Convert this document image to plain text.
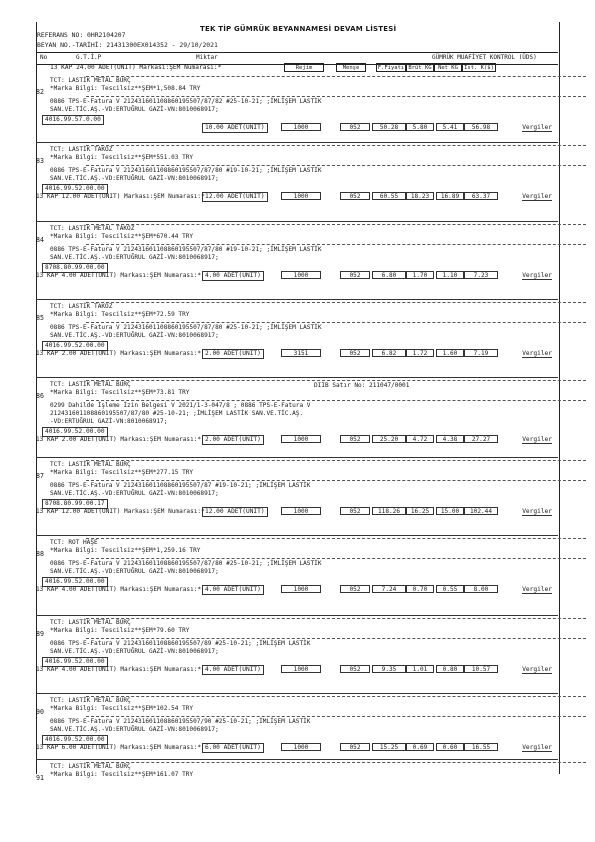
TEK TİP GÜMRÜK BEYANNAMESİ DEVAM LİSTESİ
REFERANS NO: 0HR2104207
BEYAN NO.-TARİHİ: 21431300EX014352 - 29/10/2021
No	G.T.İ.P	Miktar	GÜMRÜK MUAFİYET KONTROL (ÜDS)
Rejim	Menşe	F.Fiyatı Brüt KG	Net KG	İst. K($)
13 KAP 24.00 ADET(UNIT) Markası:ŞEM Numarası:*
82
TCT: LASTİK METAL BURÇ
*Marka Bilgi: Tescilsiz**ŞEM*1,508.84 TRY
0886 TPS-E-Fatura V 212431601108860195507/87/82 #25-10-21; ;İMLİŞEM LASTİK
SAN.VE.TİC.AŞ.-VD:ERTUĞRUL GAZİ-VN:8010068917;
4016.99.57.0.00
10.00 ADET(UNIT)	1000	052	50.28	5.80	5.41	56.98	Vergiler
83
TCT: LASTİK TAKOZ
*Marka Bilgi: Tescilsiz**ŞEM*551.03 TRY
0886 TPS-E-Fatura V 212431601108860195507/87/80 #19-10-21; ;İMLİŞEM LASTİK
SAN.VE.TİC.AŞ.-VD:ERTUĞRUL GAZİ-VN:8010068917;
4016.99.52.00.00
13 KAP 12.00 ADET(UNIT) Markası:ŞEM Numarası:* 12.00 ADET(UNIT)	1000	052	60.55	18.23	16.89	63.37	Vergiler
84
TCT: LASTİK METAL TAKOZ
*Marka Bilgi: Tescilsiz**ŞEM*670.44 TRY
0886 TPS-E-Fatura V 212431601108860195507/87/80 #19-10-21; ;İMLİŞEM LASTİK
SAN.VE.TİC.AŞ.-VD:ERTUĞRUL GAZİ-VN:8010068917;
8708.80.99.00.00
13 KAP 4.00 ADET(UNIT) Markası:ŞEM Numarası:* 4.00 ADET(UNIT)	1000	052	6.80	1.70	1.10	7.23	Vergiler
85
TCT: LASTİK TAKOZ
*Marka Bilgi: Tescilsiz**ŞEM*72.59 TRY
0886 TPS-E-Fatura V 212431601108860195507/87/80 #25-10-21; ;İMLİŞEM LASTİK
SAN.VE.TİC.AŞ.-VD:ERTUĞRUL GAZİ-VN:8010068917;
4016.99.52.00.00
13 KAP 2.00 ADET(UNIT) Markası:ŞEM Numarası:* 2.00 ADET(UNIT)	3151	052	6.82	1.72	1.60	7.19	Vergiler
86
TCT: LASTİK METAL BURÇ
*Marka Bilgi: Tescilsiz**ŞEM*73.81 TRY
DIIB Satır No: 211047/0001
0299 Dahilde İşleme İzin Belgesi V 2021/1-3-047/8 ; 0886 TPS-E-Fatura V
212431601108860195507/87/80 #25-10-21; ;İMLİŞEM LASTİK SAN.VE.TİC.AŞ.
-VD:ERTUĞRUL GAZİ-VN:8010068917;
4016.99.52.00.00
13 KAP 2.00 ADET(UNIT) Markası:ŞEM Numarası:* 2.00 ADET(UNIT)	1000	052	25.20	4.72	4.38	27.27	Vergiler
87
TCT: LASTİK METAL BURÇ
*Marka Bilgi: Tescilsiz**ŞEM*277.15 TRY
0886 TPS-E-Fatura V 212431601108860195507/87 #19-10-21; ;İMLİŞEM LASTİK
SAN.VE.TİC.AŞ.-VD:ERTUĞRUL GAZİ-VN:8010068917;
8708.80.99.00.17
13 KAP 12.00 ADET(UNIT) Markası:ŞEM Numarası:* 12.00 ADET(UNIT)	1000	052	118.26	16.25	15.00	102.44	Vergiler
88
TCT: ROT HAŞE
*Marka Bilgi: Tescilsiz**ŞEM*1,259.16 TRY
0886 TPS-E-Fatura V 212431601108860195507/87/80 #25-10-21; ;İMLİŞEM LASTİK
SAN.VE.TİC.AŞ.-VD:ERTUĞRUL GAZİ-VN:8010068917;
4016.99.52.00.00
13 KAP 4.00 ADET(UNIT) Markası:ŞEM Numarası:* 4.00 ADET(UNIT)	1000	052	7.24	0.70	0.55	8.00	Vergiler
89
TCT: LASTİK METAL BURÇ
*Marka Bilgi: Tescilsiz**ŞEM*79.60 TRY
0886 TPS-E-Fatura V 212431601108860195507/89 #25-10-21; ;İMLİŞEM LASTİK
SAN.VE.TİC.AŞ.-VD:ERTUĞRUL GAZİ-VN:8010068917;
4016.99.52.00.00
13 KAP 4.00 ADET(UNIT) Markası:ŞEM Numarası:* 4.00 ADET(UNIT)	1000	052	9.35	1.01	0.80	10.57	Vergiler
90
TCT: LASTİK METAL BURÇ
*Marka Bilgi: Tescilsiz**ŞEM*102.54 TRY
0886 TPS-E-Fatura V 212431601108860195507/90 #25-10-21; ;İMLİŞEM LASTİK
SAN.VE.TİC.AŞ.-VD:ERTUĞRUL GAZİ-VN:8010068917;
4016.99.52.00.00
13 KAP 6.00 ADET(UNIT) Markası:ŞEM Numarası:* 6.00 ADET(UNIT)	1000	052	15.25	0.69	0.60	16.55	Vergiler
91
TCT: LASTİK METAL BURÇ
*Marka Bilgi: Tescilsiz**ŞEM*161.07 TRY
